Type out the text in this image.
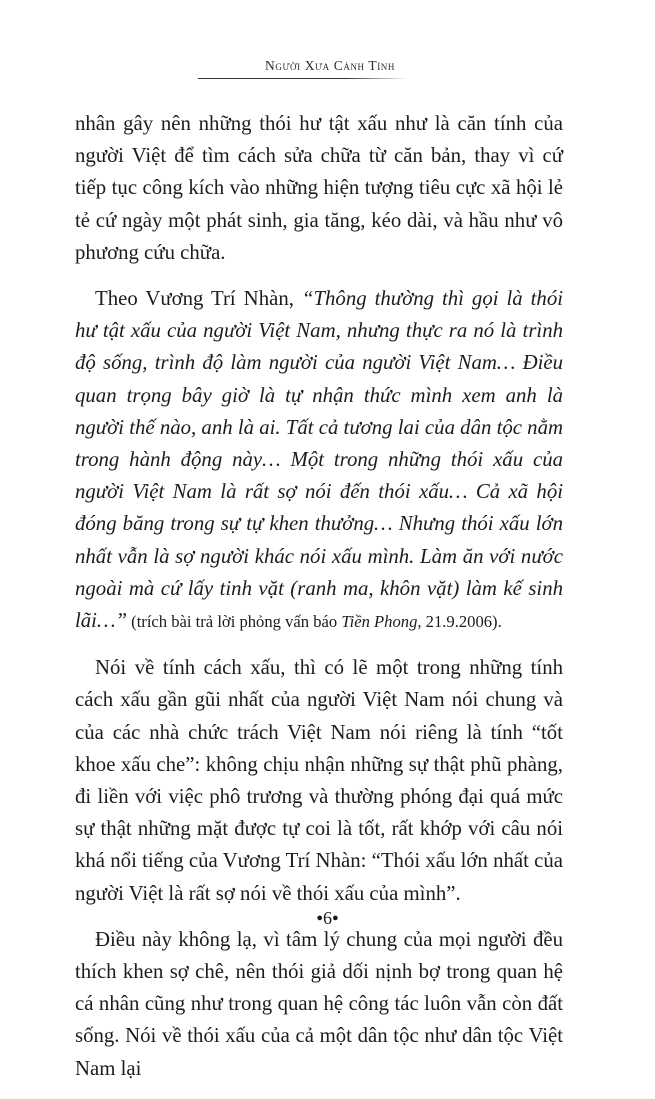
Người Xưa Cảnh Tỉnh

nhân gây nên những thói hư tật xấu như là căn tính của người Việt để tìm cách sửa chữa từ căn bản, thay vì cứ tiếp tục công kích vào những hiện tượng tiêu cực xã hội lẻ tẻ cứ ngày một phát sinh, gia tăng, kéo dài, và hầu như vô phương cứu chữa.

Theo Vương Trí Nhàn, “Thông thường thì gọi là thói hư tật xấu của người Việt Nam, nhưng thực ra nó là trình độ sống, trình độ làm người của người Việt Nam… Điều quan trọng bây giờ là tự nhận thức mình xem anh là người thế nào, anh là ai. Tất cả tương lai của dân tộc nằm trong hành động này… Một trong những thói xấu của người Việt Nam là rất sợ nói đến thói xấu… Cả xã hội đóng băng trong sự tự khen thưởng… Nhưng thói xấu lớn nhất vẫn là sợ người khác nói xấu mình. Làm ăn với nước ngoài mà cứ lấy tinh vặt (ranh ma, khôn vặt) làm kế sinh lãi…” (trích bài trả lời phỏng vấn báo Tiền Phong, 21.9.2006).

Nói về tính cách xấu, thì có lẽ một trong những tính cách xấu gần gũi nhất của người Việt Nam nói chung và của các nhà chức trách Việt Nam nói riêng là tính “tốt khoe xấu che”: không chịu nhận những sự thật phũ phàng, đi liền với việc phô trương và thường phóng đại quá mức sự thật những mặt được tự coi là tốt, rất khớp với câu nói khá nổi tiếng của Vương Trí Nhàn: “Thói xấu lớn nhất của người Việt là rất sợ nói về thói xấu của mình”.

Điều này không lạ, vì tâm lý chung của mọi người đều thích khen sợ chê, nên thói giả dối nịnh bợ trong quan hệ cá nhân cũng như trong quan hệ công tác luôn vẫn còn đất sống. Nói về thói xấu của cả một dân tộc như dân tộc Việt Nam lại

●6●
